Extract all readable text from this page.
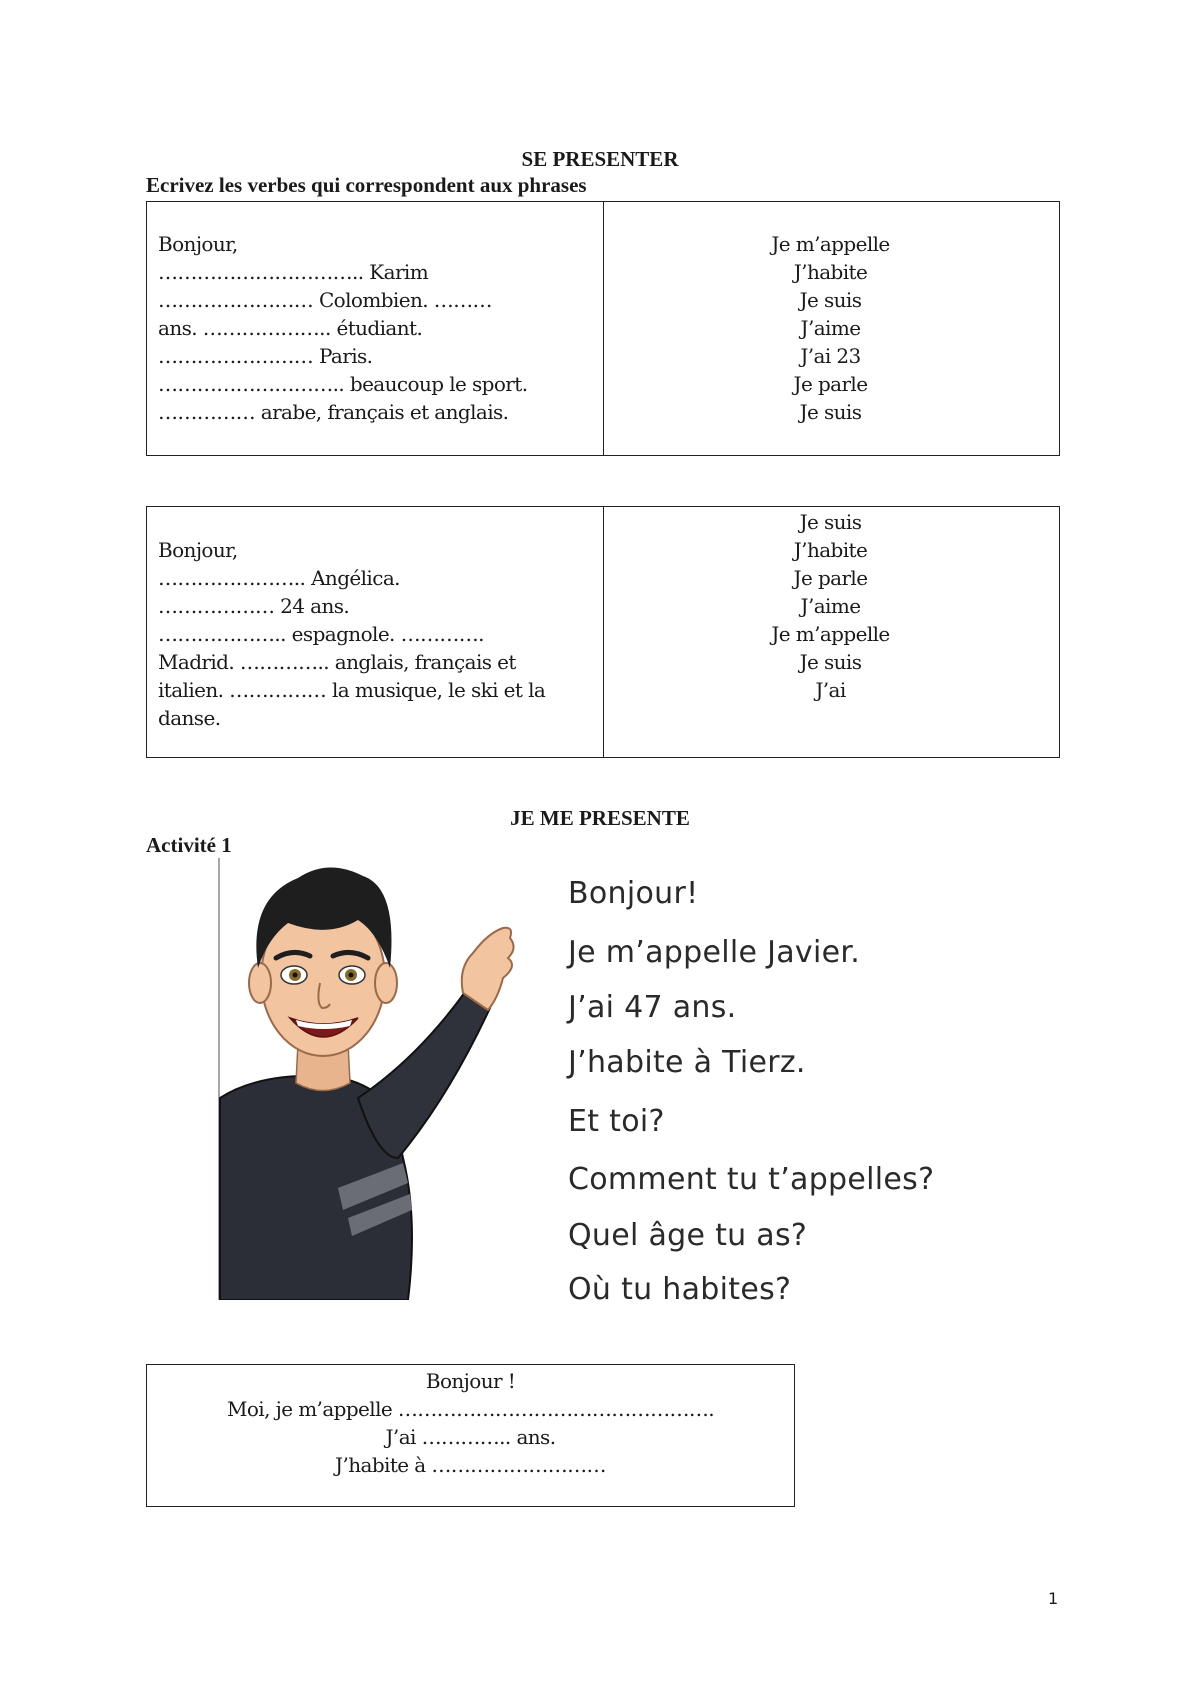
SE PRESENTER
Ecrivez les verbes qui correspondent aux phrases
Bonjour,
………………………….. Karim
…………………… Colombien. ………
ans. ……………….. étudiant.
…………………… Paris.
……………………….. beaucoup le sport.
…………… arabe, français et anglais.
Je m’appelle
J’habite
Je suis
J’aime
J’ai 23
Je parle
Je suis
Bonjour,
………………….. Angélica.
……………… 24 ans.
……………….. espagnole. ………….
Madrid. ………….. anglais, français et
italien. …………… la musique, le ski et la
danse.
Je suis
J’habite
Je parle
J’aime
Je m’appelle
Je suis
J’ai
JE ME PRESENTE
Activité 1
Bonjour!
Je m’appelle Javier.
J’ai 47 ans.
J’habite à Tierz.
Et toi?
Comment tu t’appelles?
Quel âge tu as?
Où tu habites?
Bonjour !
Moi, je m’appelle ………………………………………….
J’ai ………….. ans.
J’habite à ………………………
1
